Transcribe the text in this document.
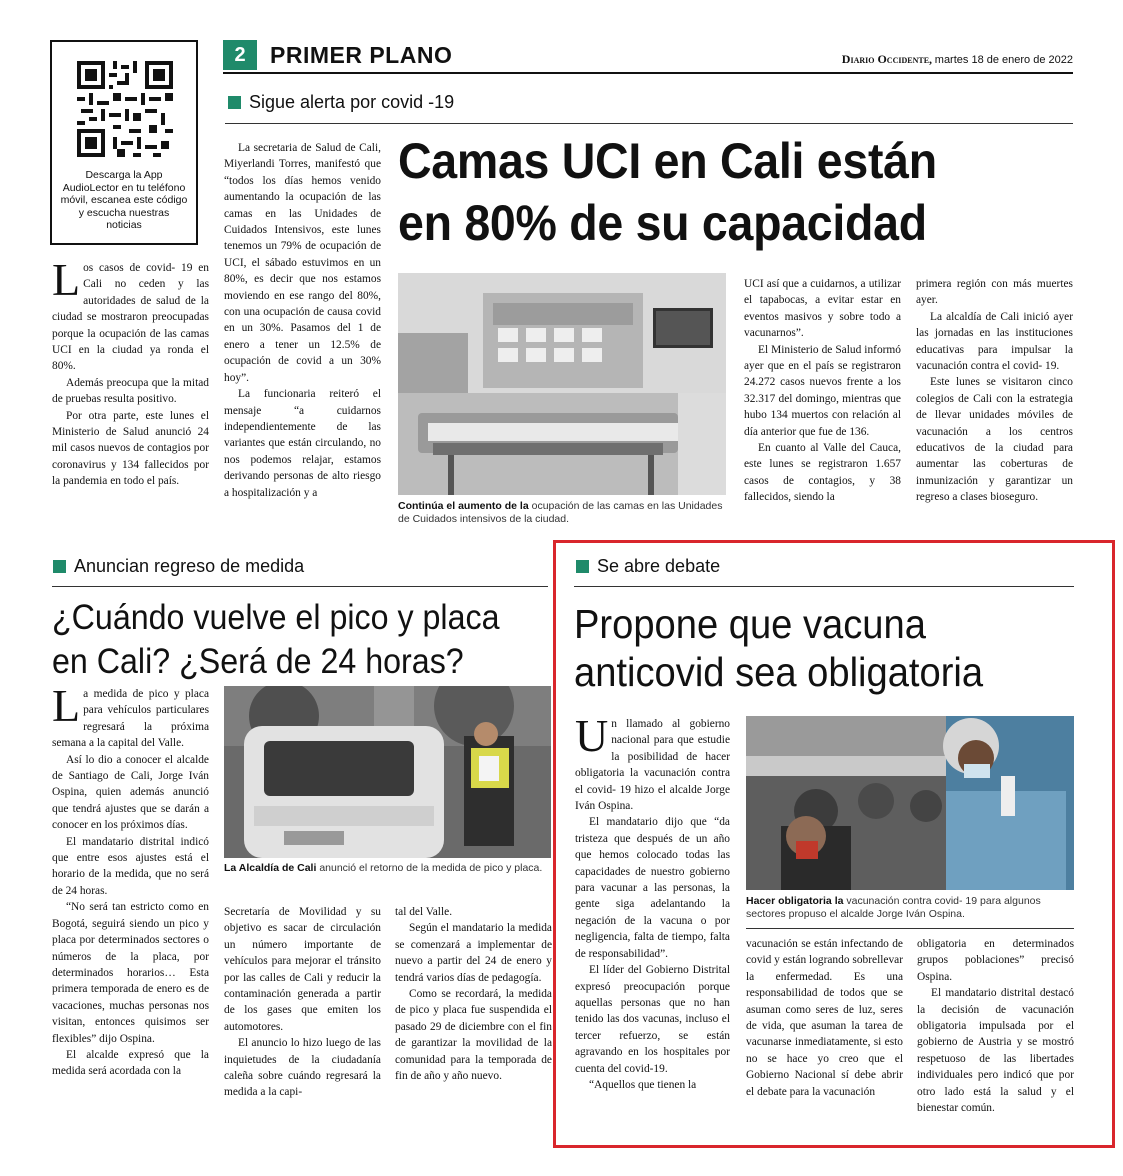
Descarga la App AudioLector en tu teléfono móvil, escanea este código y escucha nuestras noticias
2	PRIMER PLANO	Diario Occidente, martes 18 de enero de 2022
Sigue alerta por covid -19
Camas UCI en Cali están
en 80% de su capacidad

Los casos de covid- 19 en Cali no ceden y las autoridades de salud de la ciudad se mostraron preocupadas porque la ocupación de las camas UCI en la ciudad ya ronda el 80%.

Además preocupa que la mitad de pruebas resulta positivo.

Por otra parte, este lunes el Ministerio de Salud anunció 24 mil casos nuevos de contagios por coronavirus y 134 fallecidos por la pandemia en todo el país.

La secretaria de Salud de Cali, Miyerlandi Torres, manifestó que “todos los días hemos venido aumentando la ocupación de las camas en las Unidades de Cuidados Intensivos, este lunes tenemos un 79% de ocupación de UCI, el sábado estuvimos en un 80%, es decir que nos estamos moviendo en ese rango del 80%, con una ocupación de causa covid en un 30%. Pasamos del 1 de enero a tener un 12.5% de ocupación de covid a un 30% hoy”.

La funcionaria reiteró el mensaje “a cuidarnos independientemente de las variantes que están circulando, no nos podemos relajar, estamos derivando personas de alto riesgo a hospitalización y a

Continúa el aumento de la ocupación de las camas en las Unidades de Cuidados intensivos de la ciudad.

UCI así que a cuidarnos, a utilizar el tapabocas, a evitar estar en eventos masivos y sobre todo a vacunarnos”.

El Ministerio de Salud informó ayer que en el país se registraron 24.272 casos nuevos frente a los 32.317 del domingo, mientras que hubo 134 muertos con relación al día anterior que fue de 136.

En cuanto al Valle del Cauca, este lunes se registraron 1.657 casos de contagios, y 38 fallecidos, siendo la

primera región con más muertes ayer.

La alcaldía de Cali inició ayer las jornadas en las instituciones educativas para impulsar la vacunación contra el covid- 19.

Este lunes se visitaron cinco colegios de Cali con la estrategia de llevar unidades móviles de vacunación a los centros educativos de la ciudad para aumentar las coberturas de inmunización y garantizar un regreso a clases bioseguro.

Anuncian regreso de medida
¿Cuándo vuelve el pico y placa
en Cali? ¿Será de 24 horas?

La medida de pico y placa para vehículos particulares regresará la próxima semana a la capital del Valle.

Así lo dio a conocer el alcalde de Santiago de Cali, Jorge Iván Ospina, quien además anunció que tendrá ajustes que se darán a conocer en los próximos días.

El mandatario distrital indicó que entre esos ajustes está el horario de la medida, que no será de 24 horas.

“No será tan estricto como en Bogotá, seguirá siendo un pico y placa por determinados sectores o números de la placa, por determinados horarios… Esta primera temporada de enero es de vacaciones, muchas personas nos visitan, entonces quisimos ser flexibles” dijo Ospina.

El alcalde expresó que la medida será acordada con la

La Alcaldía de Cali anunció el retorno de la medida de pico y placa.

Secretaría de Movilidad y su objetivo es sacar de circulación un número importante de vehículos para mejorar el tránsito por las calles de Cali y reducir la contaminación generada a partir de los gases que emiten los automotores.

El anuncio lo hizo luego de las inquietudes de la ciudadanía caleña sobre cuándo regresará la medida a la capi-

tal del Valle.

Según el mandatario la medida se comenzará a implementar de nuevo a partir del 24 de enero y tendrá varios días de pedagogía.

Como se recordará, la medida de pico y placa fue suspendida el pasado 29 de diciembre con el fin de garantizar la movilidad de la comunidad para la temporada de fin de año y año nuevo.

Se abre debate
Propone que vacuna
anticovid sea obligatoria

Un llamado al gobierno nacional para que estudie la posibilidad de hacer obligatoria la vacunación contra el covid- 19 hizo el alcalde Jorge Iván Ospina.

El mandatario dijo que “da tristeza que después de un año que hemos colocado todas las capacidades de nuestro gobierno para vacunar a las personas, la gente siga adelantando la negación de la vacuna o por negligencia, falta de tiempo, falta de responsabilidad”.

El líder del Gobierno Distrital expresó preocupación porque aquellas personas que no han tenido las dos vacunas, incluso el tercer refuerzo, se están agravando en los hospitales por cuenta del covid-19.

“Aquellos que tienen la

Hacer obligatoria la vacunación contra covid- 19 para algunos sectores propuso el alcalde Jorge Iván Ospina.

vacunación se están infectando de covid y están logrando sobrellevar la enfermedad. Es una responsabilidad de todos que se asuman como seres de luz, seres de vida, que asuman la tarea de vacunarse inmediatamente, si esto no se hace yo creo que el Gobierno Nacional sí debe abrir el debate para la vacunación

obligatoria en determinados grupos poblaciones” precisó Ospina.

El mandatario distrital destacó la decisión de vacunación obligatoria impulsada por el gobierno de Austria y se mostró respetuoso de las libertades individuales pero indicó que por otro lado está la salud y el bienestar común.
